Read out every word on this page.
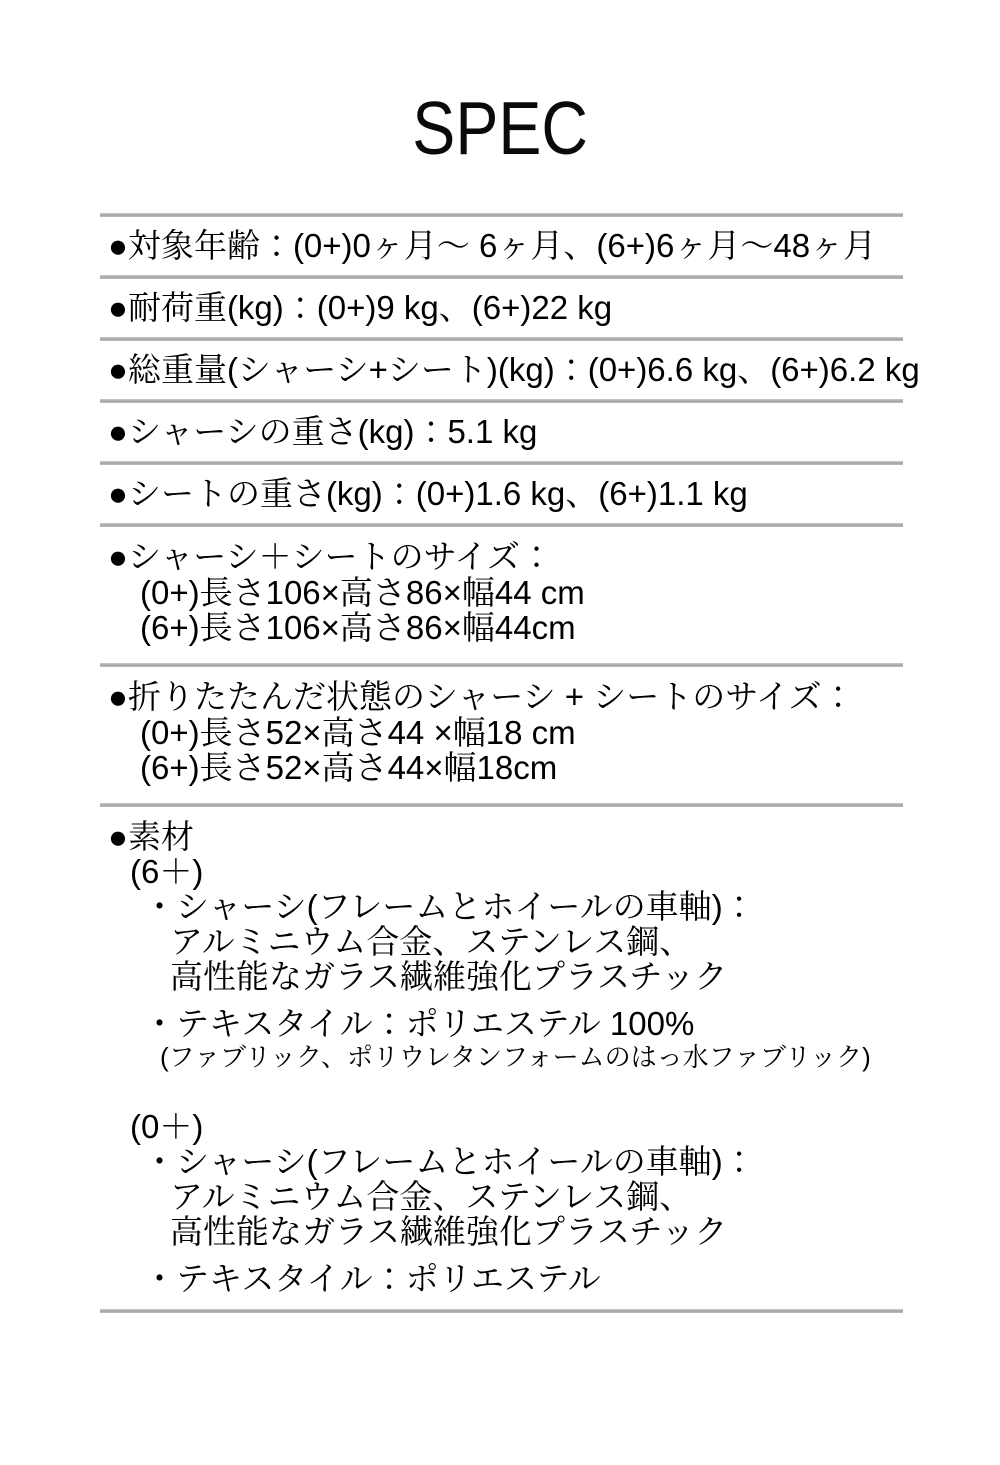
SPEC
●対象年齢：(0+)0ヶ月〜 6ヶ月、(6+)6ヶ月〜48ヶ月
●耐荷重(kg)：(0+)9 kg、(6+)22 kg
●総重量(シャーシ+シート)(kg)：(0+)6.6 kg、(6+)6.2 kg
●シャーシの重さ(kg)：5.1 kg
●シートの重さ(kg)：(0+)1.6 kg、(6+)1.1 kg
●シャーシ＋シートのサイズ：
(0+)長さ106×高さ86×幅44 cm
(6+)長さ106×高さ86×幅44cm
●折りたたんだ状態のシャーシ + シートのサイズ：
(0+)長さ52×高さ44 ×幅18 cm
(6+)長さ52×高さ44×幅18cm
●素材
(6＋)
・シャーシ(フレームとホイールの車軸)：
アルミニウム合金、ステンレス鋼、
高性能なガラス繊維強化プラスチック
・テキスタイル：ポリエステル 100%
(ファブリック、ポリウレタンフォームのはっ水ファブリック)
(0＋)
・シャーシ(フレームとホイールの車軸)：
アルミニウム合金、ステンレス鋼、
高性能なガラス繊維強化プラスチック
・テキスタイル：ポリエステル
